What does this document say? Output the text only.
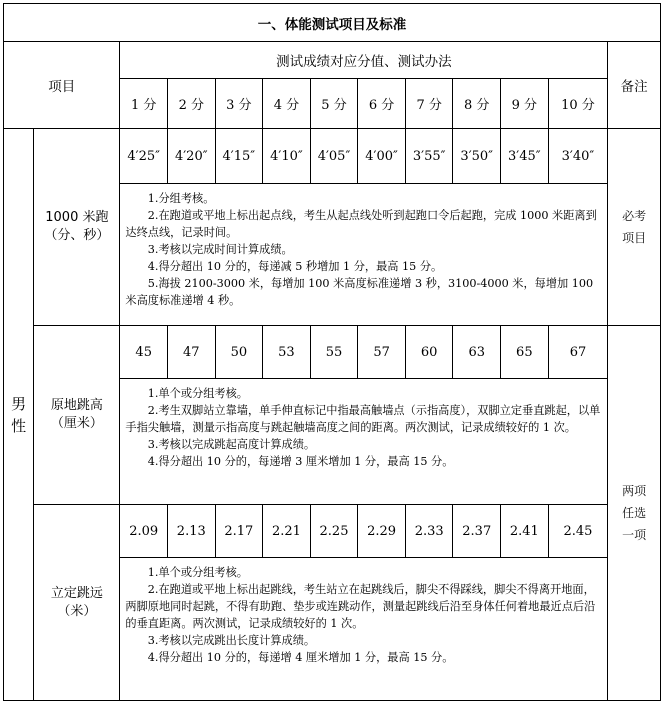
一、体能测试项目及标准												
项目		测试成绩对应分值、测试办法										备注
		1 分	2 分	3 分	4 分	5 分	6 分	7 分	8 分	9 分	10 分	

男
性	1000 米跑
（分、秒）	4′25″	4′20″	4′15″	4′10″	4′05″	4′00″	3′55″	3′50″	3′45″	3′40″	必考
项目

		1.分组考核。
2.在跑道或平地上标出起点线，考生从起点线处听到起跑口令后起跑，完成 1000 米距离到达终点线，记录时间。
3.考核以完成时间计算成绩。
4.得分超出 10 分的，每递减 5 秒增加 1 分，最高 15 分。
5.海拔 2100-3000 米，每增加 100 米高度标准递增 3 秒，3100-4000 米，每增加 100 米高度标准递增 4 秒。										

	原地跳高
（厘米）	45	47	50	53	55	57	60	63	65	67	两项
任选
一项

		1.单个或分组考核。
2.考生双脚站立靠墙，单手伸直标记中指最高触墙点（示指高度），双脚立定垂直跳起，以单手指尖触墙，测量示指高度与跳起触墙高度之间的距离。两次测试，记录成绩较好的 1 次。
3.考核以完成跳起高度计算成绩。
4.得分超出 10 分的，每递增 3 厘米增加 1 分，最高 15 分。										

	立定跳远
（米）	2.09	2.13	2.17	2.21	2.25	2.29	2.33	2.37	2.41	2.45	

		1.单个或分组考核。
2.在跑道或平地上标出起跳线，考生站立在起跳线后，脚尖不得踩线，脚尖不得离开地面，两脚原地同时起跳，不得有助跑、垫步或连跳动作，测量起跳线后沿至身体任何着地最近点后沿的垂直距离。两次测试，记录成绩较好的 1 次。
3.考核以完成跳出长度计算成绩。
4.得分超出 10 分的，每递增 4 厘米增加 1 分，最高 15 分。										
